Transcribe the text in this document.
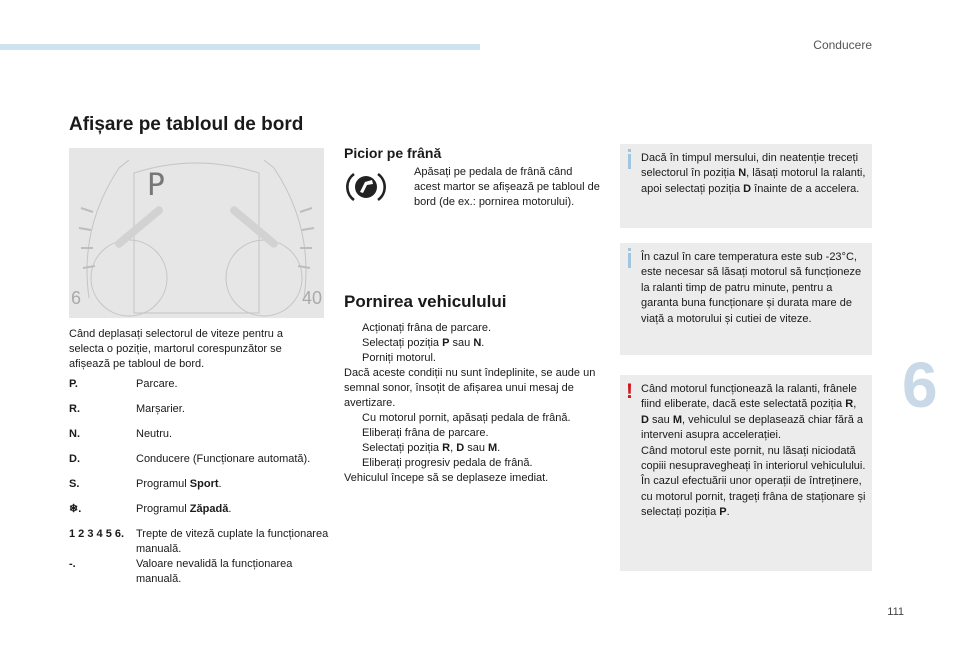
Conducere
6
111
Afișare pe tabloul de bord
P
6	40
Când deplasați selectorul de viteze pentru a selecta o poziție, martorul corespunzător se afișează pe tabloul de bord.
P.	Parcare.
R.	Marșarier.
N.	Neutru.
D.	Conducere (Funcționare automată).
S.	Programul Sport.
❄.	Programul Zăpadă.
1 2 3 4 5 6.	Trepte de viteză cuplate la funcționarea manuală.
-.	Valoare nevalidă la funcționarea manuală.
Picior pe frână
Apăsați pe pedala de frână când acest martor se afișează pe tabloul de bord (de ex.: pornirea motorului).
Pornirea vehiculului
Acționați frâna de parcare.
Selectați poziția P sau N.
Porniți motorul.
Dacă aceste condiții nu sunt îndeplinite, se aude un semnal sonor, însoțit de afișarea unui mesaj de avertizare.
Cu motorul pornit, apăsați pedala de frână.
Eliberați frâna de parcare.
Selectați poziția R, D sau M.
Eliberați progresiv pedala de frână.
Vehiculul începe să se deplaseze imediat.
Dacă în timpul mersului, din neatenție treceți selectorul în poziția N, lăsați motorul la ralanti, apoi selectați poziția D înainte de a accelera.
În cazul în care temperatura este sub -23°C, este necesar să lăsați motorul să funcționeze la ralanti timp de patru minute, pentru a garanta buna funcționare și durata mare de viață a motorului și cutiei de viteze.
! Când motorul funcționează la ralanti, frânele fiind eliberate, dacă este selectată poziția R, D sau M, vehiculul se deplasează chiar fără a interveni asupra accelerației.
Când motorul este pornit, nu lăsați niciodată copiii nesupravegheați în interiorul vehiculului.
În cazul efectuării unor operații de întreținere, cu motorul pornit, trageți frâna de staționare și selectați poziția P.
